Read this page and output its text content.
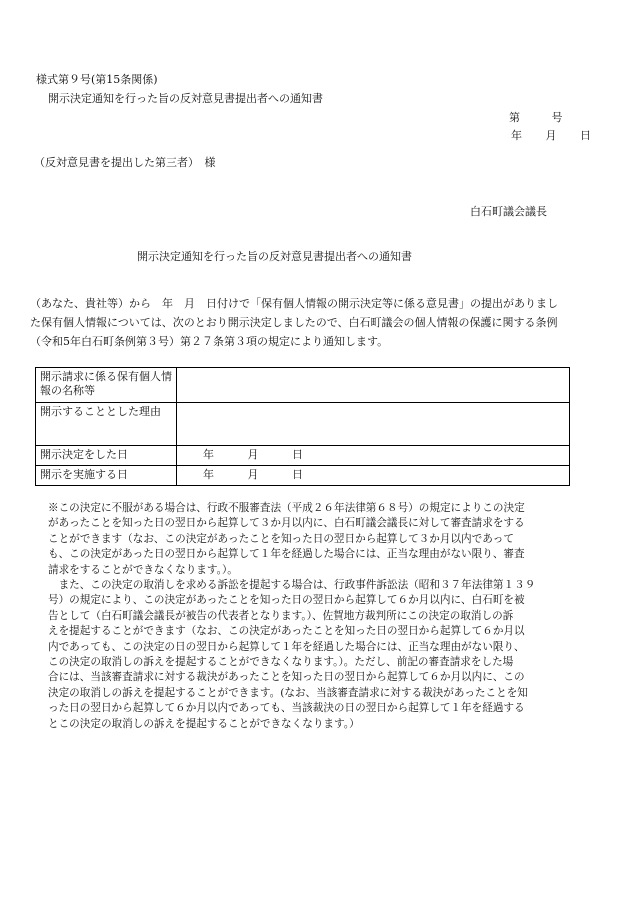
様式第９号(第15条関係)
開示決定通知を行った旨の反対意見書提出者への通知書
第	号
年 月 日
（反対意見書を提出した第三者）　様
白石町議会議長
開示決定通知を行った旨の反対意見書提出者への通知書
（あなた、貴社等）から　年　月　日付けで「保有個人情報の開示決定等に係る意見書」の提出がありまし
た保有個人情報については、次のとおり開示決定しましたので、白石町議会の個人情報の保護に関する条例
（令和5年白石町条例第３号）第２７条第３項の規定により通知します。
開示請求に係る保有個人情報の名称等	
開示することとした理由	
開示決定をした日	年 月 日
開示を実施する日	年 月 日
※この決定に不服がある場合は、行政不服審査法（平成２６年法律第６８号）の規定によりこの決定
があったことを知った日の翌日から起算して３か月以内に、白石町議会議長に対して審査請求をする
ことができます（なお、この決定があったことを知った日の翌日から起算して３か月以内であって
も、この決定があった日の翌日から起算して１年を経過した場合には、正当な理由がない限り、審査
請求をすることができなくなります。）。
　また、この決定の取消しを求める訴訟を提起する場合は、行政事件訴訟法（昭和３７年法律第１３９
号）の規定により、この決定があったことを知った日の翌日から起算して６か月以内に、白石町を被
告として（白石町議会議長が被告の代表者となります。）、佐賀地方裁判所にこの決定の取消しの訴
えを提起することができます（なお、この決定があったことを知った日の翌日から起算して６か月以
内であっても、この決定の日の翌日から起算して１年を経過した場合には、正当な理由がない限り、
この決定の取消しの訴えを提起することができなくなります。）。ただし、前記の審査請求をした場
合には、当該審査請求に対する裁決があったことを知った日の翌日から起算して６か月以内に、この
決定の取消しの訴えを提起することができます。(なお、当該審査請求に対する裁決があったことを知
った日の翌日から起算して６か月以内であっても、当該裁決の日の翌日から起算して１年を経過する
とこの決定の取消しの訴えを提起することができなくなります。）
